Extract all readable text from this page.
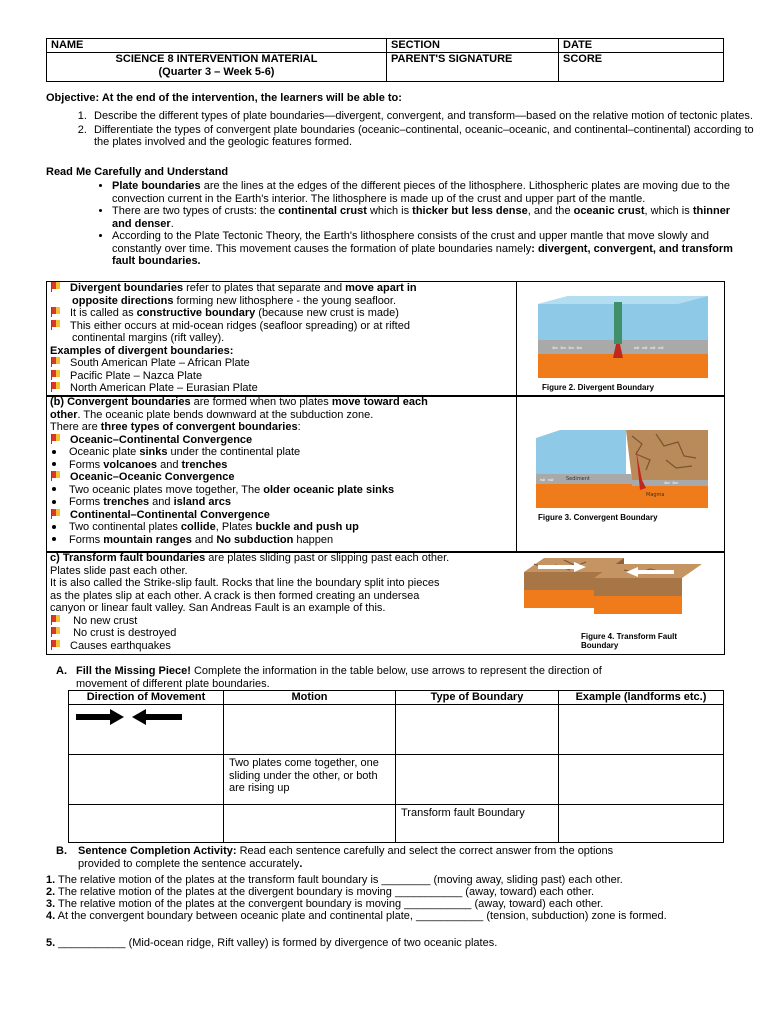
NAME	SECTION	DATE

SCIENCE 8 INTERVENTION MATERIAL
(Quarter 3 – Week 5-6)	PARENT'S SIGNATURE	SCORE
Objective: At the end of the intervention, the learners will be able to:
1. Describe the different types of plate boundaries—divergent, convergent, and transform—based on the relative motion of tectonic plates.
2. Differentiate the types of convergent plate boundaries (oceanic–continental, oceanic–oceanic, and continental–continental) according to the plates involved and the geologic features formed.
Read Me Carefully and Understand
• Plate boundaries are the lines at the edges of the different pieces of the lithosphere. Lithospheric plates are moving due to the convection current in the Earth's interior. The lithosphere is made up of the crust and upper part of the mantle.
• There are two types of crusts: the continental crust which is thicker but less dense, and the oceanic crust, which is thinner and denser.
• According to the Plate Tectonic Theory, the Earth's lithosphere consists of the crust and upper mantle that move slowly and constantly over time. This movement causes the formation of plate boundaries namely: divergent, convergent, and transform fault boundaries.
Divergent boundaries refer to plates that separate and move apart in
opposite directions forming new lithosphere - the young seafloor.
It is called as constructive boundary (because new crust is made)
This either occurs at mid-ocean ridges (seafloor spreading) or at rifted
continental margins (rift valley).
Examples of divergent boundaries:
South American Plate – African Plate
Pacific Plate – Nazca Plate
North American Plate – Eurasian Plate
⇦ ⇦ ⇦ ⇦	⇨ ⇨ ⇨ ⇨
Figure 2. Divergent Boundary
(b) Convergent boundaries are formed when two plates move toward each
other. The oceanic plate bends downward at the subduction zone.
There are three types of convergent boundaries:
Oceanic–Continental Convergence
Oceanic plate sinks under the continental plate
Forms volcanoes and trenches
Oceanic–Oceanic Convergence
Two oceanic plates move together, The older oceanic plate sinks
Forms trenches and island arcs
Continental–Continental Convergence
Two continental plates collide, Plates buckle and push up
Forms mountain ranges and No subduction happen
Sediment
Magma
⇨ ⇨	⇦ ⇦
Figure 3. Convergent Boundary
c) Transform fault boundaries are plates sliding past or slipping past each other.
Plates slide past each other.
It is also called the Strike-slip fault. Rocks that line the boundary split into pieces
as the plates slip at each other. A crack is then formed creating an undersea
canyon or linear fault valley. San Andreas Fault is an example of this.
No new crust
No crust is destroyed
Causes earthquakes
Figure 4. Transform Fault
Boundary
A. Fill the Missing Piece! Complete the information in the table below, use arrows to represent the direction of
movement of different plate boundaries.
Direction of Movement	Motion	Type of Boundary	Example (landforms etc.)

	Two plates come together, one sliding under the other, or both are rising up		
		Transform fault Boundary	
B. Sentence Completion Activity: Read each sentence carefully and select the correct answer from the options
provided to complete the sentence accurately.
1. The relative motion of the plates at the transform fault boundary is ________ (moving away, sliding past) each other.
2. The relative motion of the plates at the divergent boundary is moving ___________ (away, toward) each other.
3. The relative motion of the plates at the convergent boundary is moving ___________ (away, toward) each other.
4. At the convergent boundary between oceanic plate and continental plate, ___________ (tension, subduction) zone is formed.
5. ___________ (Mid-ocean ridge, Rift valley) is formed by divergence of two oceanic plates.
